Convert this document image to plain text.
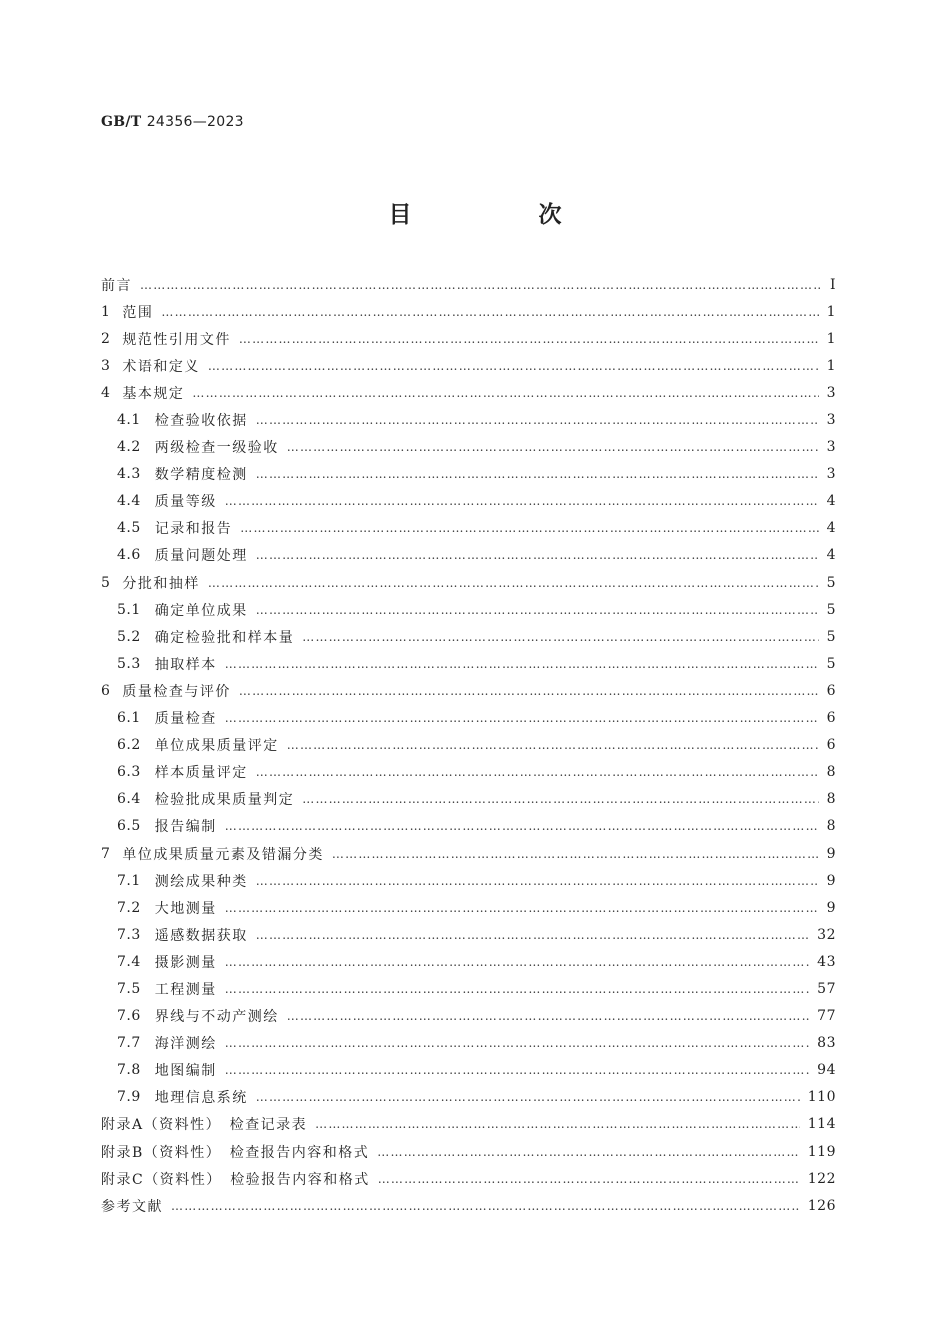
GB/T 24356—2023
目　次
前言 …………………………………………………………………………………………………………………………………………………………………………………………………………………………	Ⅰ
1 范围 …………………………………………………………………………………………………………………………………………………………………………………………………………………………	1
2 规范性引用文件 …………………………………………………………………………………………………………………………………………………………………………………………………………………………	1
3 术语和定义 …………………………………………………………………………………………………………………………………………………………………………………………………………………………	1
4 基本规定 …………………………………………………………………………………………………………………………………………………………………………………………………………………………	3
4.1 检查验收依据 …………………………………………………………………………………………………………………………………………………………………………………………………………………………	3
4.2 两级检查一级验收 …………………………………………………………………………………………………………………………………………………………………………………………………………………………	3
4.3 数学精度检测 …………………………………………………………………………………………………………………………………………………………………………………………………………………………	3
4.4 质量等级 …………………………………………………………………………………………………………………………………………………………………………………………………………………………	4
4.5 记录和报告 …………………………………………………………………………………………………………………………………………………………………………………………………………………………	4
4.6 质量问题处理 …………………………………………………………………………………………………………………………………………………………………………………………………………………………	4
5 分批和抽样 …………………………………………………………………………………………………………………………………………………………………………………………………………………………	5
5.1 确定单位成果 …………………………………………………………………………………………………………………………………………………………………………………………………………………………	5
5.2 确定检验批和样本量 …………………………………………………………………………………………………………………………………………………………………………………………………………………………	5
5.3 抽取样本 …………………………………………………………………………………………………………………………………………………………………………………………………………………………	5
6 质量检查与评价 …………………………………………………………………………………………………………………………………………………………………………………………………………………………	6
6.1 质量检查 …………………………………………………………………………………………………………………………………………………………………………………………………………………………	6
6.2 单位成果质量评定 …………………………………………………………………………………………………………………………………………………………………………………………………………………………	6
6.3 样本质量评定 …………………………………………………………………………………………………………………………………………………………………………………………………………………………	8
6.4 检验批成果质量判定 …………………………………………………………………………………………………………………………………………………………………………………………………………………………	8
6.5 报告编制 …………………………………………………………………………………………………………………………………………………………………………………………………………………………	8
7 单位成果质量元素及错漏分类 …………………………………………………………………………………………………………………………………………………………………………………………………………………………	9
7.1 测绘成果种类 …………………………………………………………………………………………………………………………………………………………………………………………………………………………	9
7.2 大地测量 …………………………………………………………………………………………………………………………………………………………………………………………………………………………	9
7.3 遥感数据获取 …………………………………………………………………………………………………………………………………………………………………………………………………………………………	32
7.4 摄影测量 …………………………………………………………………………………………………………………………………………………………………………………………………………………………	43
7.5 工程测量 …………………………………………………………………………………………………………………………………………………………………………………………………………………………	57
7.6 界线与不动产测绘 …………………………………………………………………………………………………………………………………………………………………………………………………………………………	77
7.7 海洋测绘 …………………………………………………………………………………………………………………………………………………………………………………………………………………………	83
7.8 地图编制 …………………………………………………………………………………………………………………………………………………………………………………………………………………………	94
7.9 地理信息系统 …………………………………………………………………………………………………………………………………………………………………………………………………………………………	110
附录A（资料性）　检查记录表 …………………………………………………………………………………………………………………………………………………………………………………………………………………………	114
附录B（资料性）　检查报告内容和格式 …………………………………………………………………………………………………………………………………………………………………………………………………………………………	119
附录C（资料性）　检验报告内容和格式 …………………………………………………………………………………………………………………………………………………………………………………………………………………………	122
参考文献 …………………………………………………………………………………………………………………………………………………………………………………………………………………………	126
